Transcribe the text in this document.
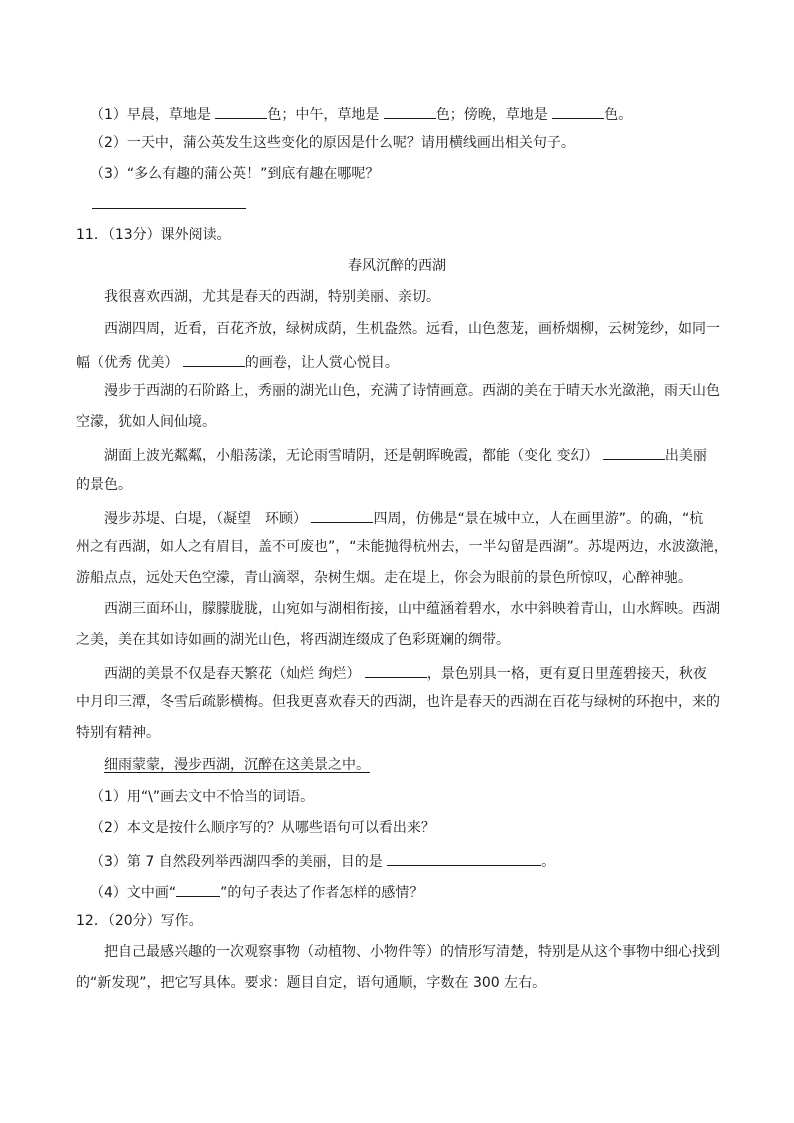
（1）早晨，草地是	色；中午，草地是	色；傍晚，草地是	色。
（2）一天中，蒲公英发生这些变化的原因是什么呢？请用横线画出相关句子。
（3）“多么有趣的蒲公英！”到底有趣在哪呢？
11．（13分）课外阅读。
春风沉醉的西湖
我很喜欢西湖，尤其是春天的西湖，特别美丽、亲切。
西湖四周，近看，百花齐放，绿树成荫，生机盎然。远看，山色葱茏，画桥烟柳，云树笼纱，如同一
幅（优秀 优美）	的画卷，让人赏心悦目。
漫步于西湖的石阶路上，秀丽的湖光山色，充满了诗情画意。西湖的美在于晴天水光潋滟，雨天山色
空濛，犹如人间仙境。
湖面上波光粼粼，小船荡漾，无论雨雪晴阴，还是朝晖晚霞，都能（变化 变幻）	出美丽
的景色。
漫步苏堤、白堤，（凝望　环顾）	四周，仿佛是“景在城中立，人在画里游”。的确，“杭
州之有西湖，如人之有眉目，盖不可废也”，“未能抛得杭州去，一半勾留是西湖”。苏堤两边，水波潋滟，
游船点点，远处天色空濛，青山滴翠，杂树生烟。走在堤上，你会为眼前的景色所惊叹，心醉神驰。
西湖三面环山，朦朦胧胧，山宛如与湖相衔接，山中蕴涵着碧水，水中斜映着青山，山水辉映。西湖
之美，美在其如诗如画的湖光山色，将西湖连缀成了色彩斑斓的绸带。
西湖的美景不仅是春天繁花（灿烂 绚烂）	，景色别具一格，更有夏日里莲碧接天，秋夜
中月印三潭，冬雪后疏影横梅。但我更喜欢春天的西湖，也许是春天的西湖在百花与绿树的环抱中，来的
特别有精神。
细雨蒙蒙，漫步西湖，沉醉在这美景之中。
（1）用“\”画去文中不恰当的词语。
（2）本文是按什么顺序写的？从哪些语句可以看出来？
（3）第 7 自然段列举西湖四季的美丽，目的是	。
（4）文中画“	”的句子表达了作者怎样的感情？
12．（20分）写作。
把自己最感兴趣的一次观察事物（动植物、小物件等）的情形写清楚，特别是从这个事物中细心找到
的“新发现”，把它写具体。要求：题目自定，语句通顺，字数在 300 左右。
